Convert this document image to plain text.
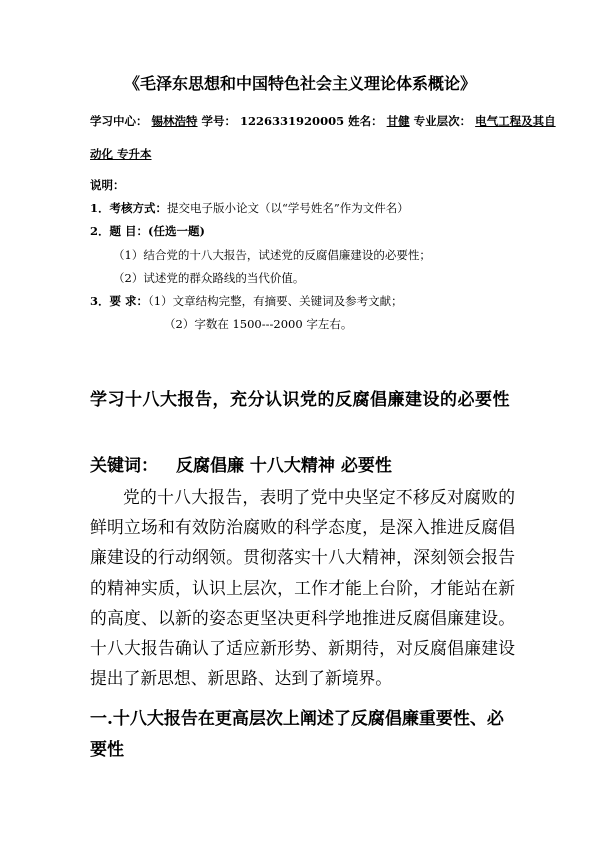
《毛泽东思想和中国特色社会主义理论体系概论》
学习中心： 锡林浩特 学号： 1226331920005 姓名： 甘健 专业层次： 电气工程及其自
动化 专升本
说明：
1．考核方式：提交电子版小论文（以“学号姓名”作为文件名）
2．题 目：(任选一题)
（1）结合党的十八大报告，试述党的反腐倡廉建设的必要性；
（2）试述党的群众路线的当代价值。
3．要 求：（1）文章结构完整，有摘要、关键词及参考文献；
（2）字数在 1500---2000 字左右。
学习十八大报告，充分认识党的反腐倡廉建设的必要性
关键词： 反腐倡廉 十八大精神 必要性

党的十八大报告，表明了党中央坚定不移反对腐败的鲜明立场和有效防治腐败的科学态度，是深入推进反腐倡廉建设的行动纲领。贯彻落实十八大精神，深刻领会报告的精神实质，认识上层次，工作才能上台阶，才能站在新的高度、以新的姿态更坚决更科学地推进反腐倡廉建设。十八大报告确认了适应新形势、新期待，对反腐倡廉建设提出了新思想、新思路、达到了新境界。

一.十八大报告在更高层次上阐述了反腐倡廉重要性、必要性
